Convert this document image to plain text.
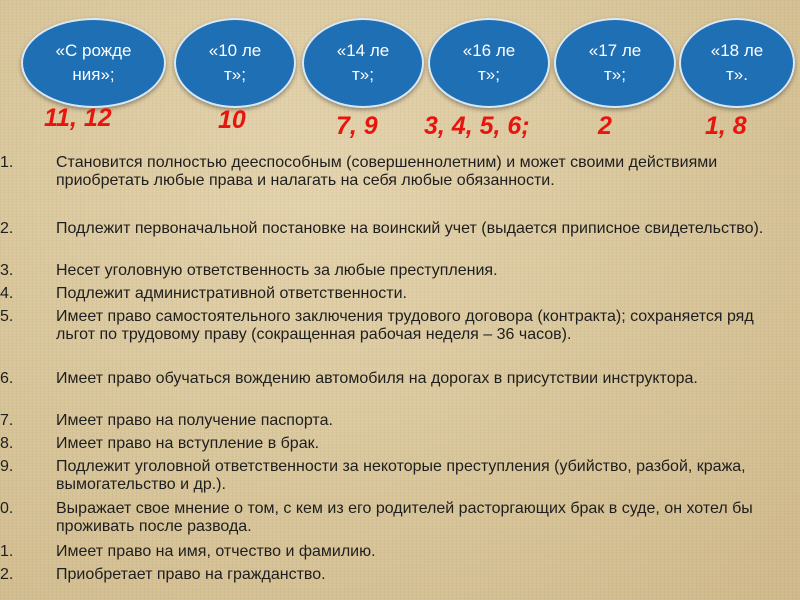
«С рождения»;
«10 лет»;
«14 лет»;
«16 лет»;
«17 лет»;
«18 лет».
11, 12	10	7, 9 3, 4, 5, 6;	2	1, 8
1.	Становится полностью дееспособным (совершеннолетним) и может своими действиями приобретать любые права и налагать на себя любые обязанности.
2.	Подлежит первоначальной постановке на воинский учет (выдается приписное свидетельство).
3.	Несет уголовную ответственность за любые преступления.
4.	Подлежит административной ответственности.
5.	Имеет право самостоятельного заключения трудового договора (контракта); сохраняется ряд льгот по трудовому праву (сокращенная рабочая неделя – 36 часов).
6.	Имеет право обучаться вождению автомобиля на дорогах в присутствии инструктора.
7.	Имеет право на получение паспорта.
8.	Имеет право на вступление в брак.
9.	Подлежит уголовной ответственности за некоторые преступления (убийство, разбой, кража, вымогательство и др.).
0.	Выражает свое мнение о том, с кем из его родителей расторгающих брак в суде, он хотел бы проживать после развода.
1.	Имеет право на имя, отчество и фамилию.
2.	Приобретает право на гражданство.
